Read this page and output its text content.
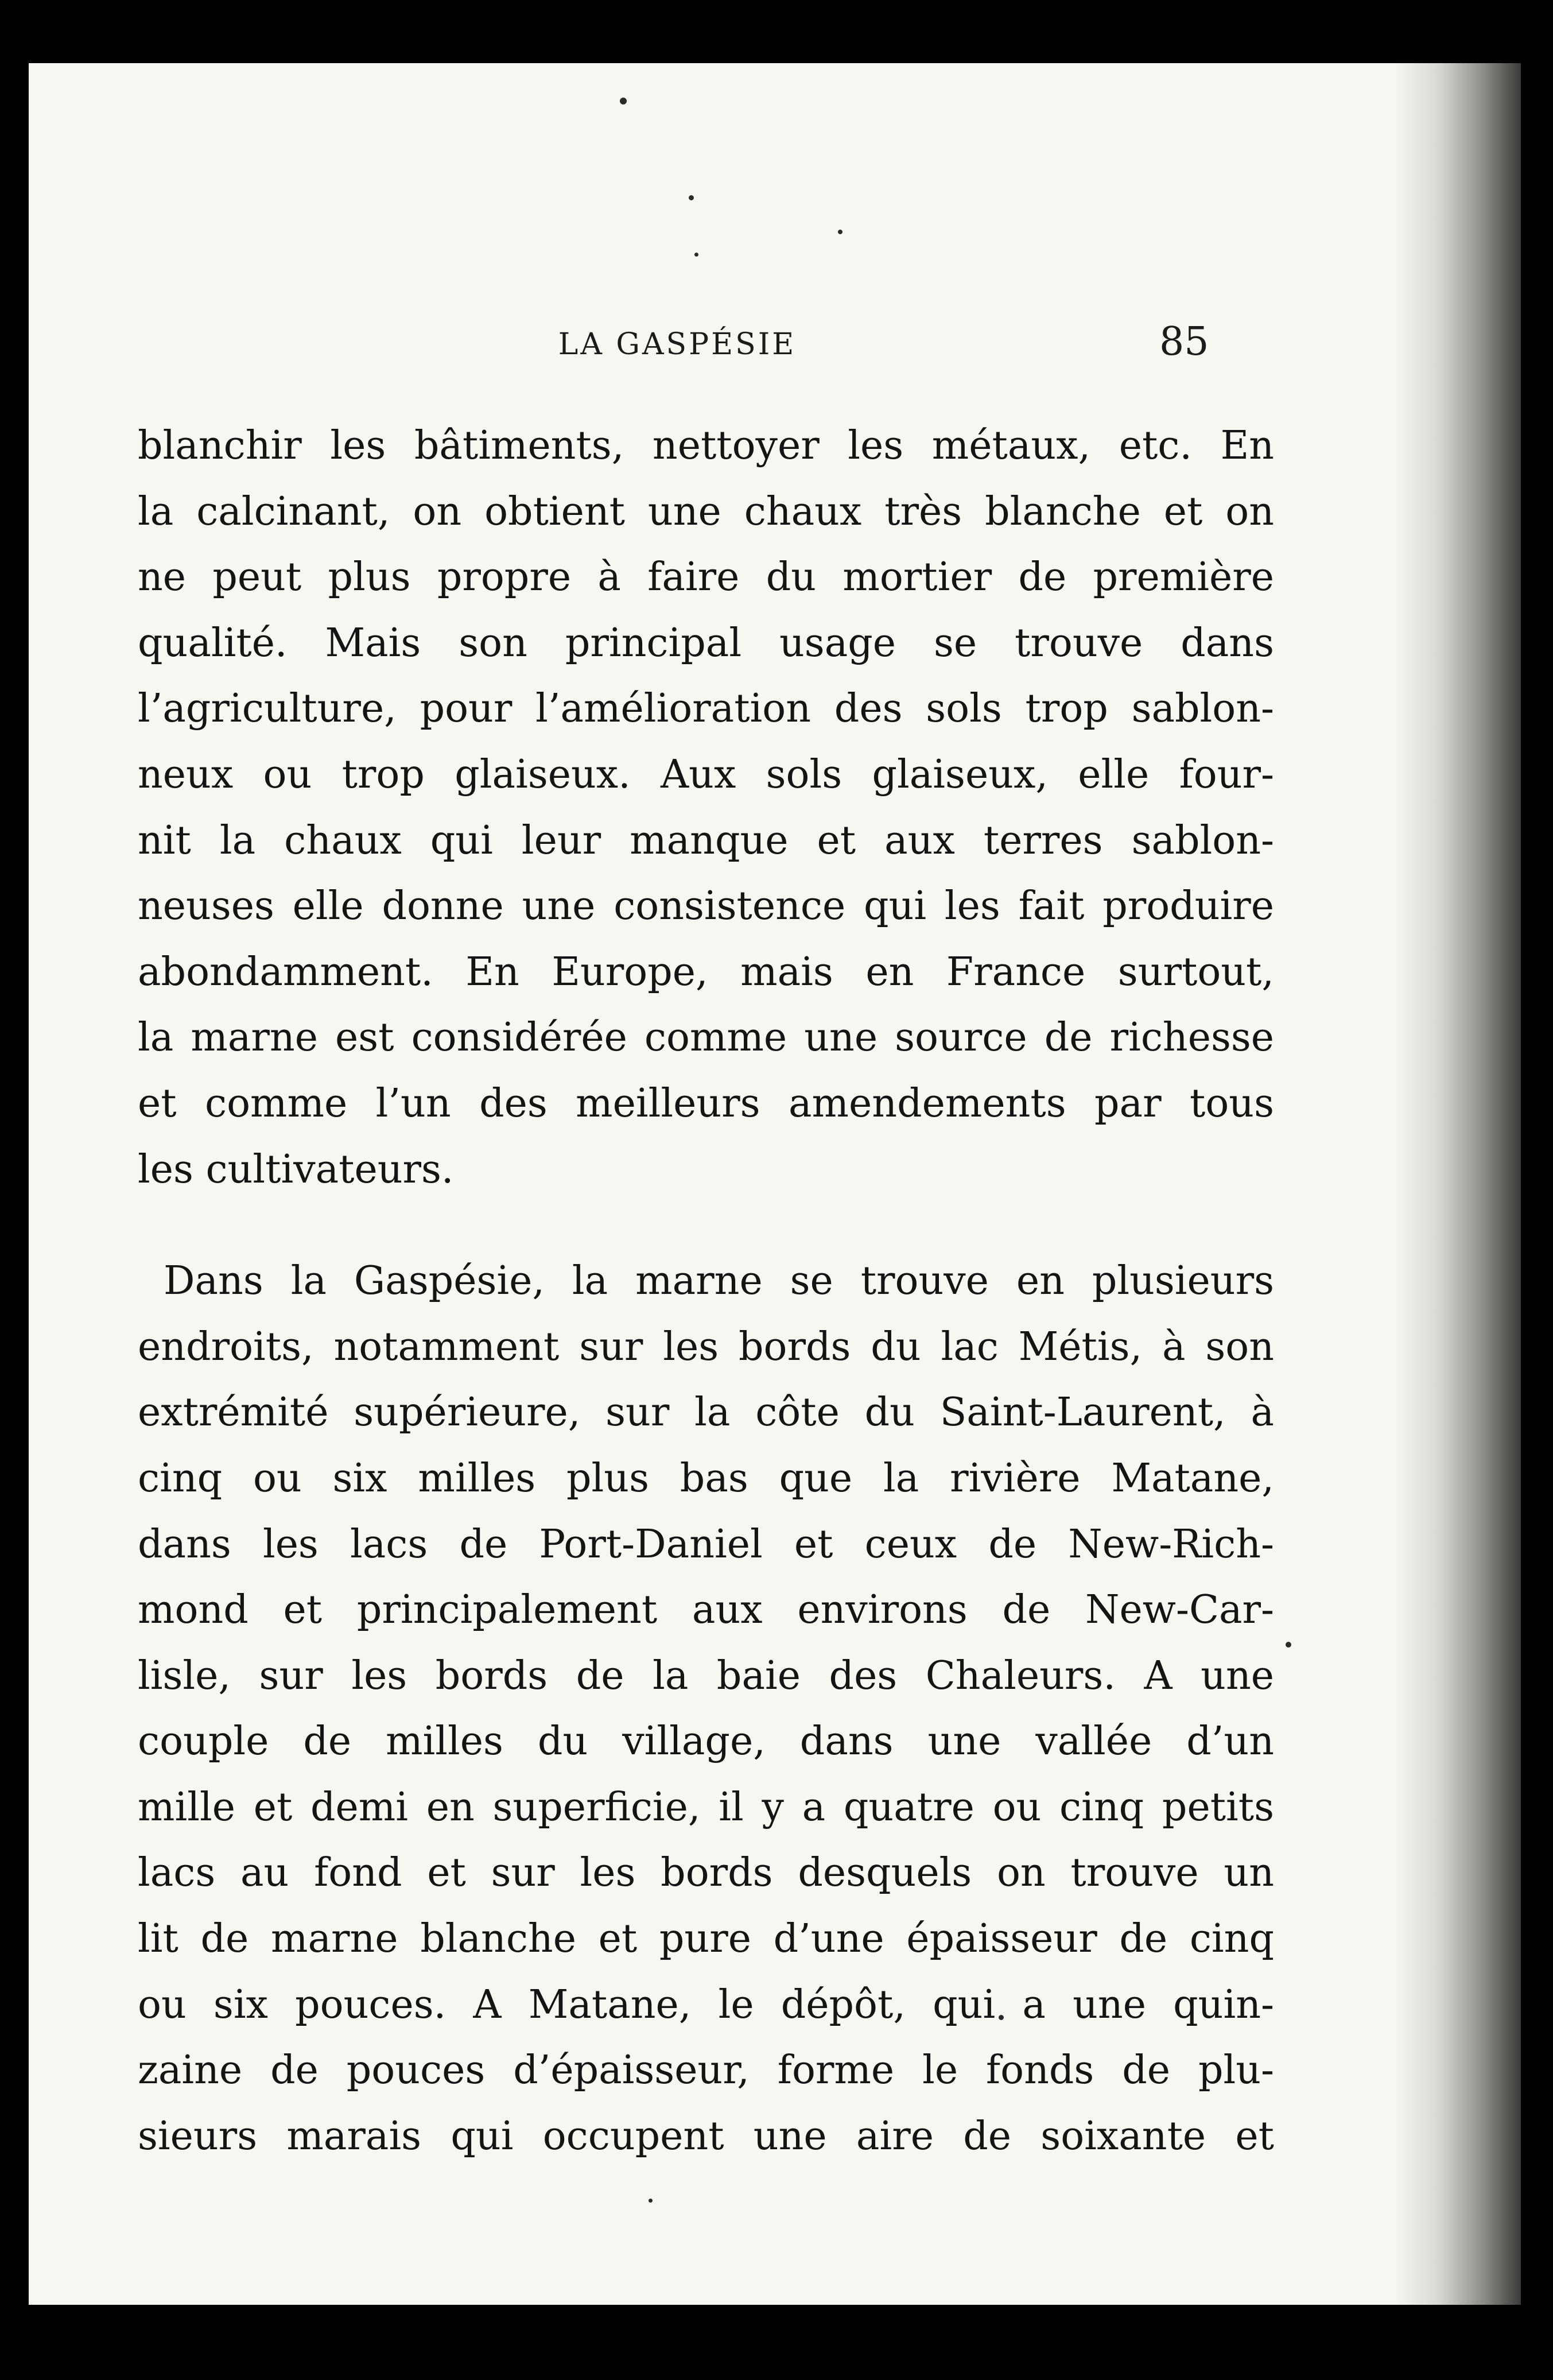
LA GASPÉSIE	85
blanchir les bâtiments, nettoyer les métaux, etc. En
la calcinant, on obtient une chaux très blanche et on
ne peut plus propre à faire du mortier de première
qualité. Mais son principal usage se trouve dans
l’agriculture, pour l’amélioration des sols trop sablon-
neux ou trop glaiseux. Aux sols glaiseux, elle four-
nit la chaux qui leur manque et aux terres sablon-
neuses elle donne une consistence qui les fait produire
abondamment. En Europe, mais en France surtout,
la marne est considérée comme une source de richesse
et comme l’un des meilleurs amendements par tous
les cultivateurs.
Dans la Gaspésie, la marne se trouve en plusieurs
endroits, notamment sur les bords du lac Métis, à son
extrémité supérieure, sur la côte du Saint-Laurent, à
cinq ou six milles plus bas que la rivière Matane,
dans les lacs de Port-Daniel et ceux de New-Rich-
mond et principalement aux environs de New-Car-
lisle, sur les bords de la baie des Chaleurs. A une
couple de milles du village, dans une vallée d’un
mille et demi en superficie, il y a quatre ou cinq petits
lacs au fond et sur les bords desquels on trouve un
lit de marne blanche et pure d’une épaisseur de cinq
ou six pouces. A Matane, le dépôt, qui a une quin-
zaine de pouces d’épaisseur, forme le fonds de plu-
sieurs marais qui occupent une aire de soixante et
